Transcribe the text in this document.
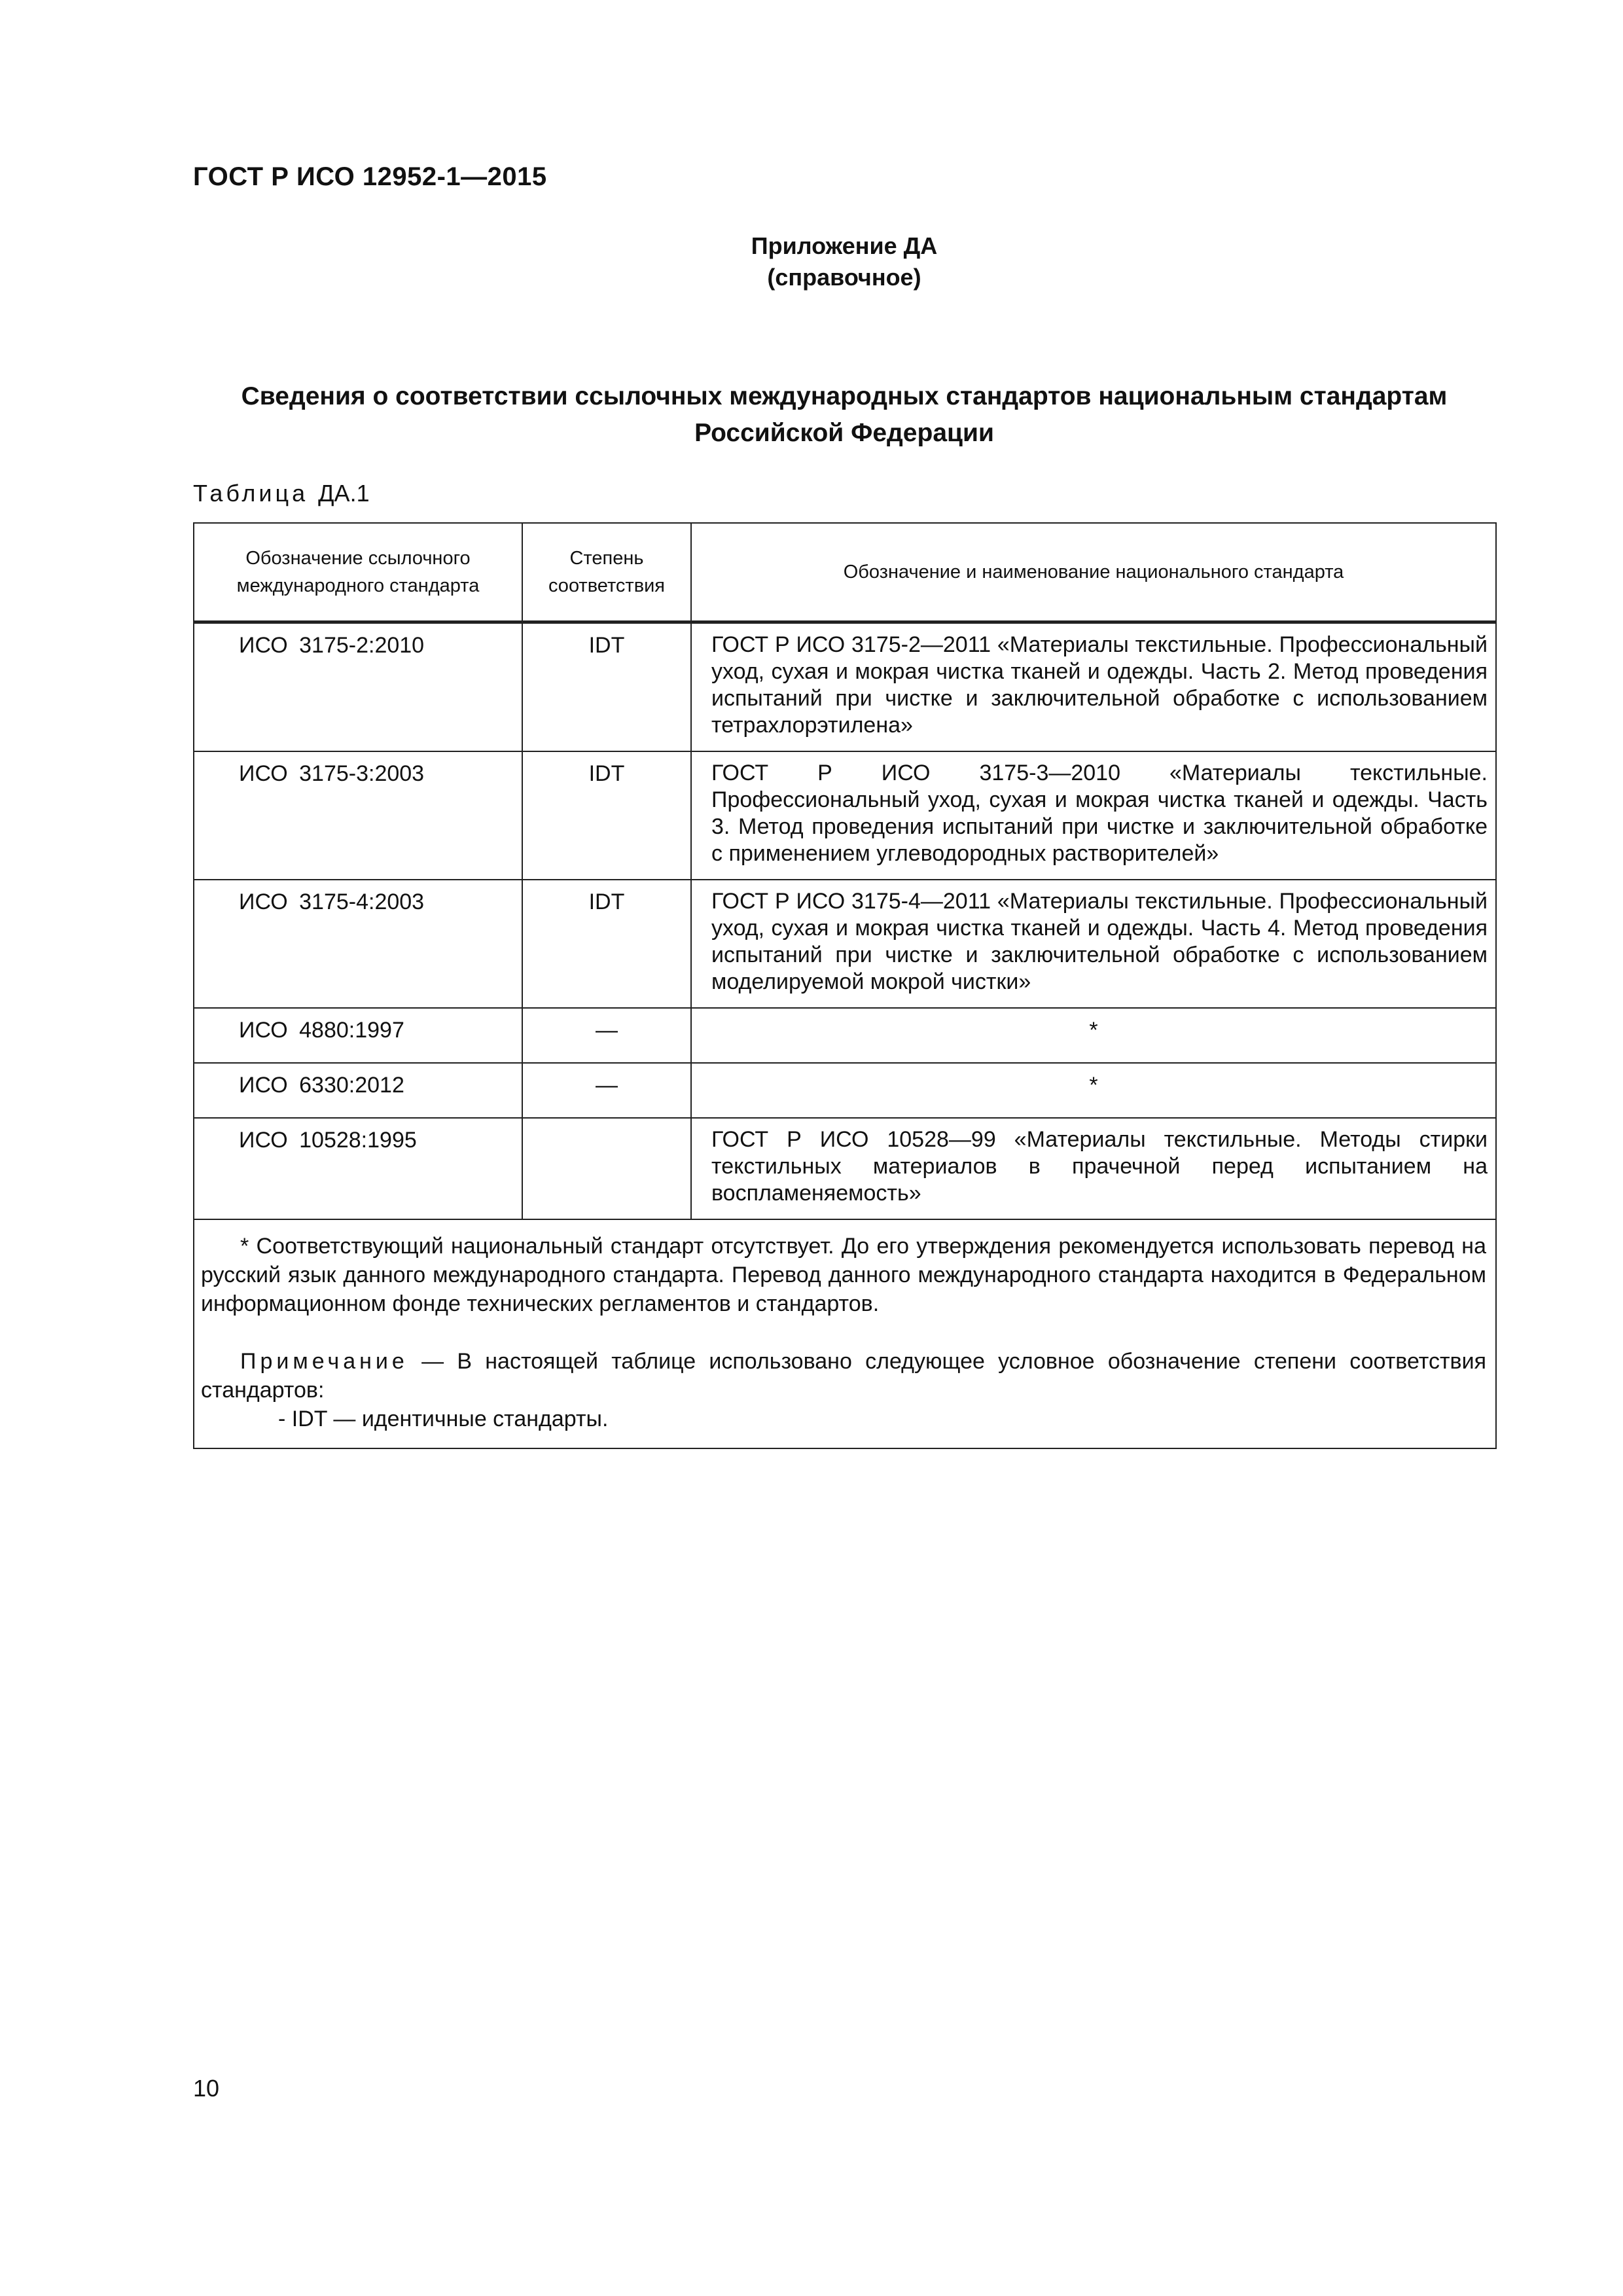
ГОСТ Р ИСО 12952-1—2015
Приложение ДА
(справочное)
Сведения о соответствии ссылочных международных стандартов национальным стандартам
Российской Федерации
Таблица ДА.1
Обозначение ссылочного международного стандарта	Степень соответствия	Обозначение и наименование национального стандарта
ИСО 3175-2:2010	IDT	ГОСТ Р ИСО 3175-2—2011 «Материалы текстильные. Профессиональный уход, сухая и мокрая чистка тканей и одежды. Часть 2. Метод проведения испытаний при чистке и заключительной обработке с использованием тетрахлорэтилена»
ИСО 3175-3:2003	IDT	ГОСТ Р ИСО 3175-3—2010 «Материалы текстильные. Профессиональный уход, сухая и мокрая чистка тканей и одежды. Часть 3. Метод проведения испытаний при чистке и заключительной обработке с применением углеводородных растворителей»
ИСО 3175-4:2003	IDT	ГОСТ Р ИСО 3175-4—2011 «Материалы текстильные. Профессиональный уход, сухая и мокрая чистка тканей и одежды. Часть 4. Метод проведения испытаний при чистке и заключительной обработке с использованием моделируемой мокрой чистки»
ИСО 4880:1997	—	*
ИСО 6330:2012	—	*
ИСО 10528:1995		ГОСТ Р ИСО 10528—99 «Материалы текстильные. Методы стирки текстильных материалов в прачечной перед испытанием на воспламеняемость»

* Соответствующий национальный стандарт отсутствует. До его утверждения рекомендуется использовать перевод на русский язык данного международного стандарта. Перевод данного международного стандарта находится в Федеральном информационном фонде технических регламентов и стандартов.

Примечание — В настоящей таблице использовано следующее условное обозначение степени соответствия стандартов:

- IDT — идентичные стандарты.		

10
